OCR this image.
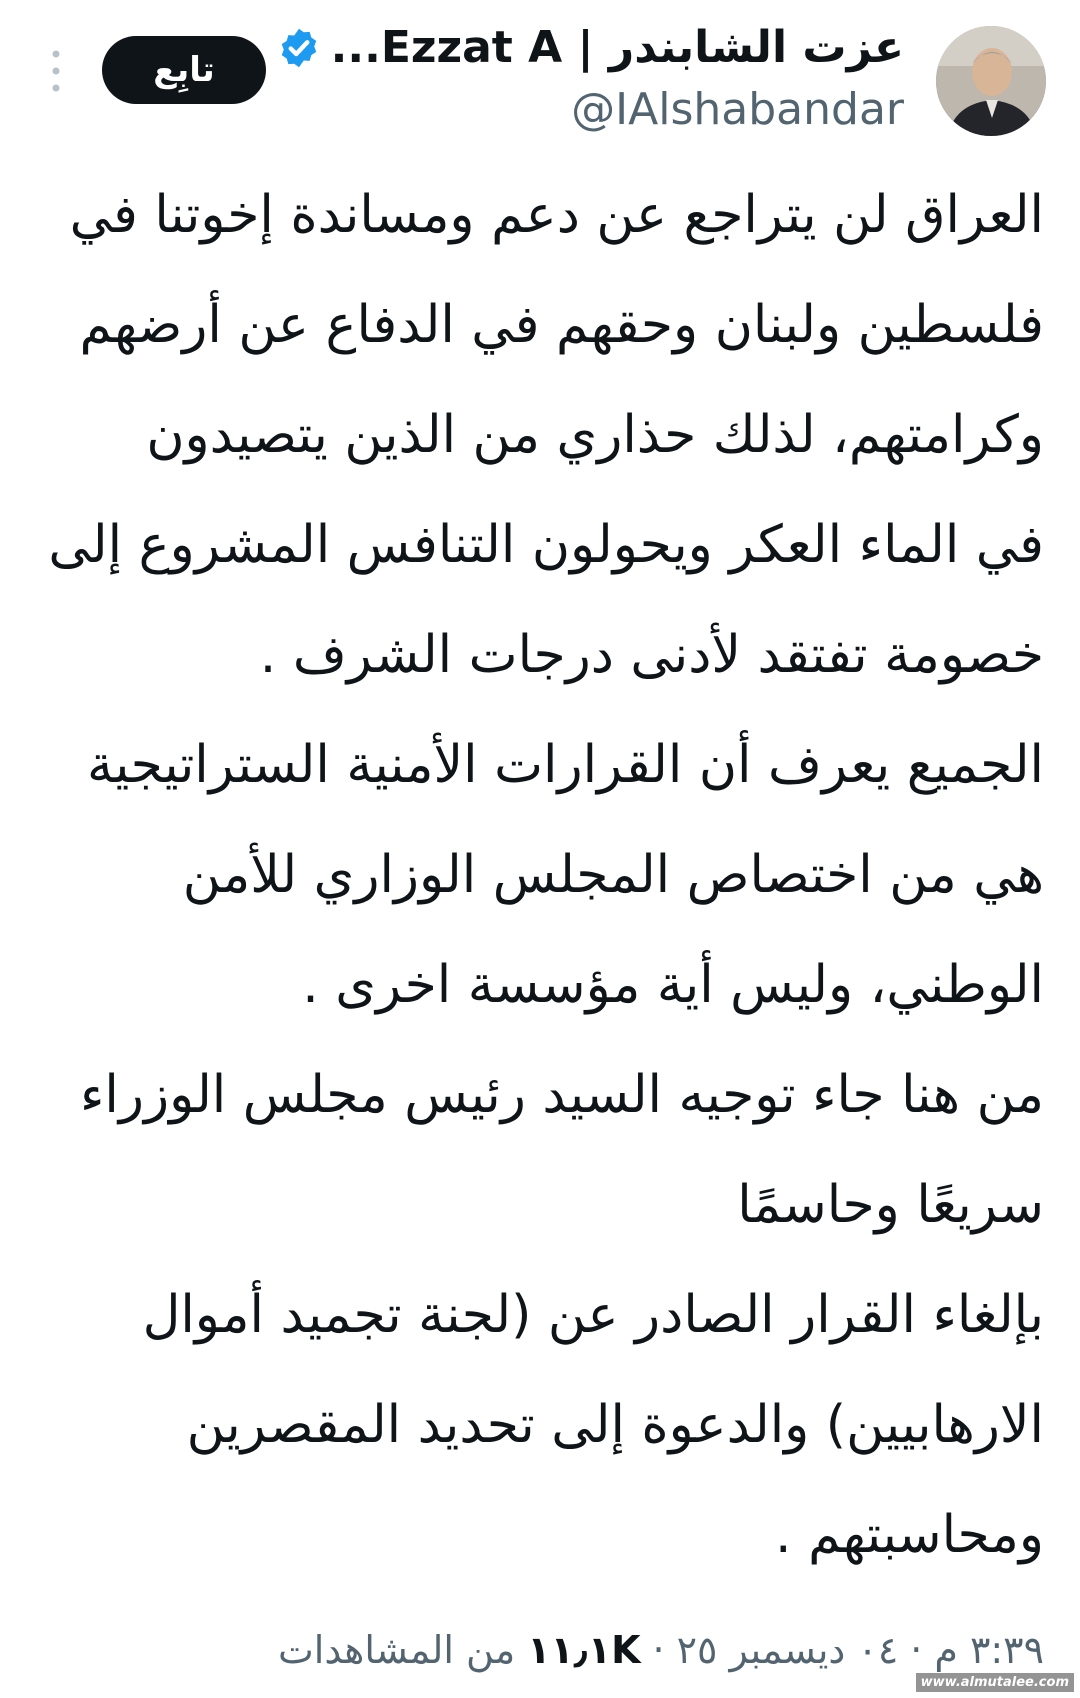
عزت الشابندر | Ezzat A...
@IAlshabandar
تابِع
العراق لن يتراجع عن دعم ومساندة إخوتنا في
فلسطين ولبنان وحقهم في الدفاع عن أرضهم
وكرامتهم، لذلك حذاري من الذين يتصيدون
في الماء العكر ويحولون التنافس المشروع إلى
خصومة تفتقد لأدنى درجات الشرف .
الجميع يعرف أن القرارات الأمنية الستراتيجية
هي من اختصاص المجلس الوزاري للأمن
الوطني، وليس أية مؤسسة اخرى .
من هنا جاء توجيه السيد رئيس مجلس الوزراء
سريعًا وحاسمًا
بإلغاء القرار الصادر عن (لجنة تجميد أموال
الارهابيين) والدعوة إلى تحديد المقصرين
ومحاسبتهم .
٣:٣٩ م
·
٠٤ ديسمبر ٢٥
·
١١٫١K
من المشاهدات
www.almutalee.com
